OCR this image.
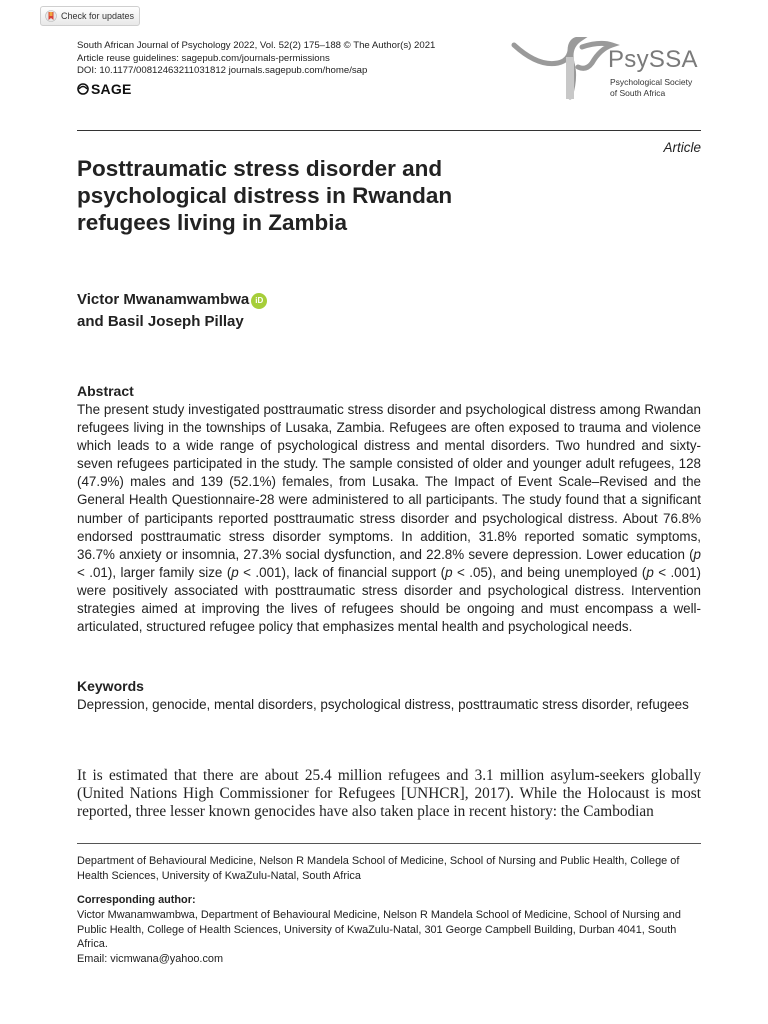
Check for updates
South African Journal of Psychology 2022, Vol. 52(2) 175–188 © The Author(s) 2021
Article reuse guidelines: sagepub.com/journals-permissions
DOI: 10.1177/00812463211031812 journals.sagepub.com/home/sap
SAGE
PsySSA
Psychological Society
of South Africa
Article
Posttraumatic stress disorder and psychological distress in Rwandan refugees living in Zambia
Victor Mwanamwambwa iD
and Basil Joseph Pillay
Abstract

The present study investigated posttraumatic stress disorder and psychological distress among Rwandan refugees living in the townships of Lusaka, Zambia. Refugees are often exposed to trauma and violence which leads to a wide range of psychological distress and mental disorders. Two hundred and sixty-seven refugees participated in the study. The sample consisted of older and younger adult refugees, 128 (47.9%) males and 139 (52.1%) females, from Lusaka. The Impact of Event Scale–Revised and the General Health Questionnaire-28 were administered to all participants. The study found that a significant number of participants reported posttraumatic stress disorder and psychological distress. About 76.8% endorsed posttraumatic stress disorder symptoms. In addition, 31.8% reported somatic symptoms, 36.7% anxiety or insomnia, 27.3% social dysfunction, and 22.8% severe depression. Lower education (p < .01), larger family size (p < .001), lack of financial support (p < .05), and being unemployed (p < .001) were positively associated with posttraumatic stress disorder and psychological distress. Intervention strategies aimed at improving the lives of refugees should be ongoing and must encompass a well-articulated, structured refugee policy that emphasizes mental health and psychological needs.

Keywords

Depression, genocide, mental disorders, psychological distress, posttraumatic stress disorder, refugees

It is estimated that there are about 25.4 million refugees and 3.1 million asylum-seekers globally (United Nations High Commissioner for Refugees [UNHCR], 2017). While the Holocaust is most reported, three lesser known genocides have also taken place in recent history: the Cambodian

Department of Behavioural Medicine, Nelson R Mandela School of Medicine, School of Nursing and Public Health, College of Health Sciences, University of KwaZulu-Natal, South Africa

Corresponding author:
Victor Mwanamwambwa, Department of Behavioural Medicine, Nelson R Mandela School of Medicine, School of Nursing and Public Health, College of Health Sciences, University of KwaZulu-Natal, 301 George Campbell Building, Durban 4041, South Africa.
Email: vicmwana@yahoo.com
